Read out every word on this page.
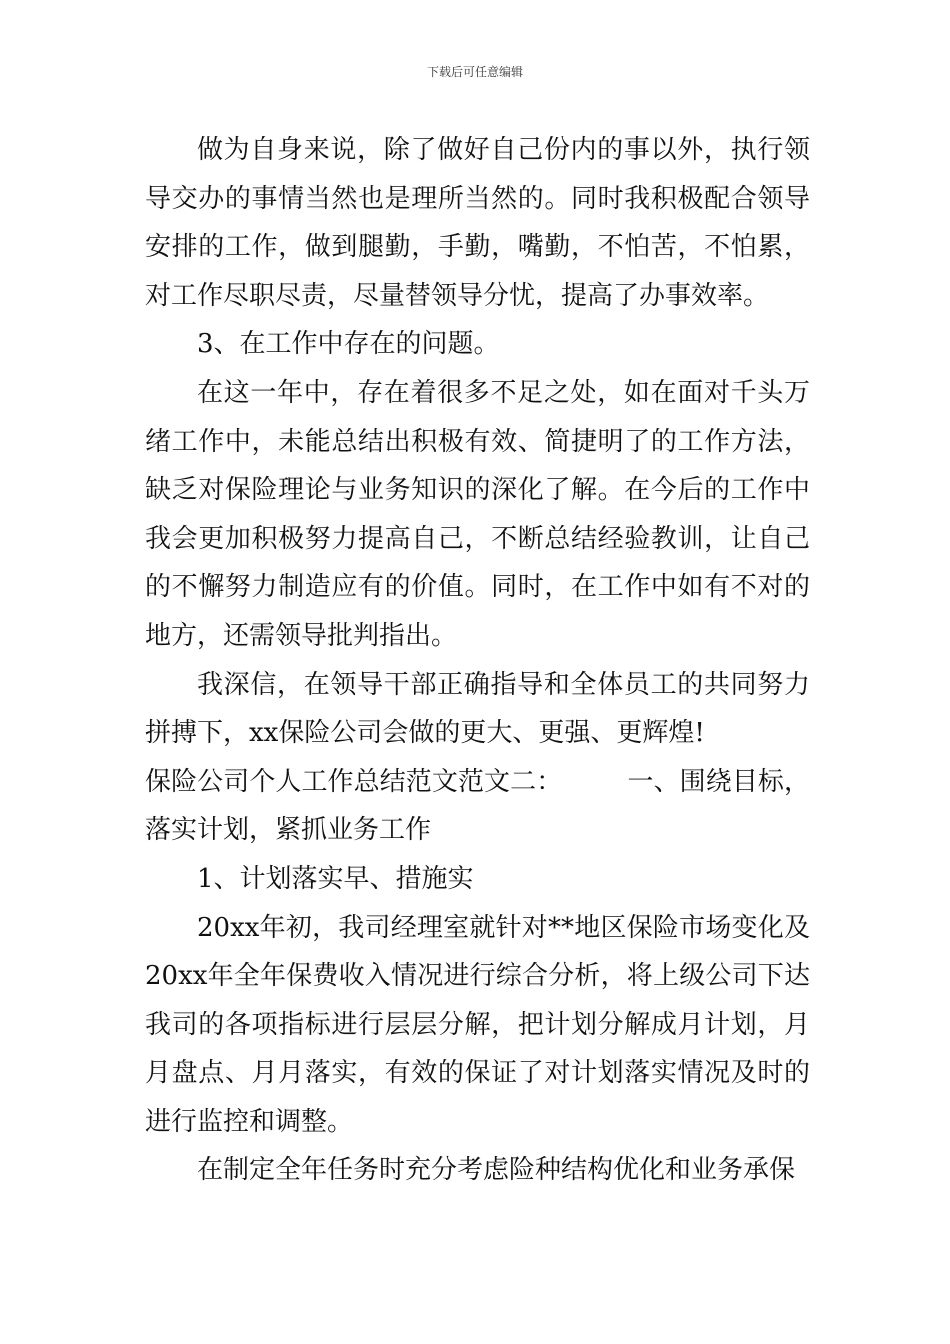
下载后可任意编辑

做为自身来说，除了做好自己份内的事以外，执行领导交办的事情当然也是理所当然的。同时我积极配合领导安排的工作，做到腿勤，手勤，嘴勤，不怕苦，不怕累，对工作尽职尽责，尽量替领导分忧，提高了办事效率。

3、在工作中存在的问题。

在这一年中，存在着很多不足之处，如在面对千头万绪工作中，未能总结出积极有效、简捷明了的工作方法，缺乏对保险理论与业务知识的深化了解。在今后的工作中我会更加积极努力提高自己，不断总结经验教训，让自己的不懈努力制造应有的价值。同时，在工作中如有不对的地方，还需领导批判指出。

我深信，在领导干部正确指导和全体员工的共同努力拼搏下，xx保险公司会做的更大、更强、更辉煌!

保险公司个人工作总结范文范文二：　　　一、围绕目标，落实计划，紧抓业务工作

1、计划落实早、措施实

20xx年初，我司经理室就针对**地区保险市场变化及20xx年全年保费收入情况进行综合分析，将上级公司下达我司的各项指标进行层层分解，把计划分解成月计划，月月盘点、月月落实，有效的保证了对计划落实情况及时的进行监控和调整。

在制定全年任务时充分考虑险种结构优化和业务承保
